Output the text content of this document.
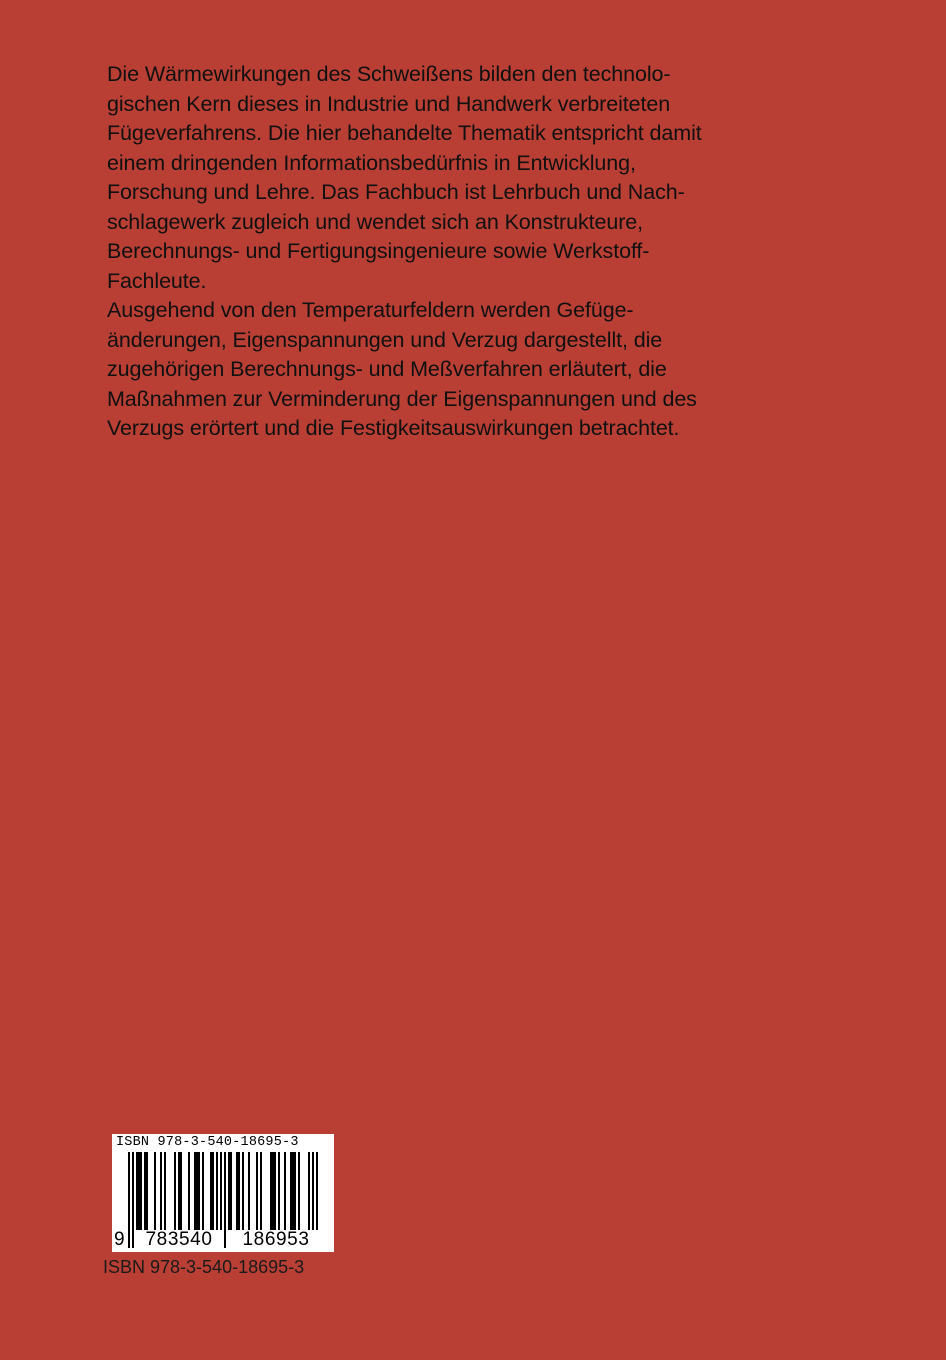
Die Wärmewirkungen des Schweißens bilden den technolo-
gischen Kern dieses in Industrie und Handwerk verbreiteten
Fügeverfahrens. Die hier behandelte Thematik entspricht damit
einem dringenden Informationsbedürfnis in Entwicklung,
Forschung und Lehre. Das Fachbuch ist Lehrbuch und Nach-
schlagewerk zugleich und wendet sich an Konstrukteure,
Berechnungs- und Fertigungsingenieure sowie Werkstoff-
Fachleute.
Ausgehend von den Temperaturfeldern werden Gefüge-
änderungen, Eigenspannungen und Verzug dargestellt, die
zugehörigen Berechnungs- und Meßverfahren erläutert, die
Maßnahmen zur Verminderung der Eigenspannungen und des
Verzugs erörtert und die Festigkeitsauswirkungen betrachtet.
ISBN 978-3-540-18695-3
9	783540	186953
ISBN 978-3-540-18695-3
